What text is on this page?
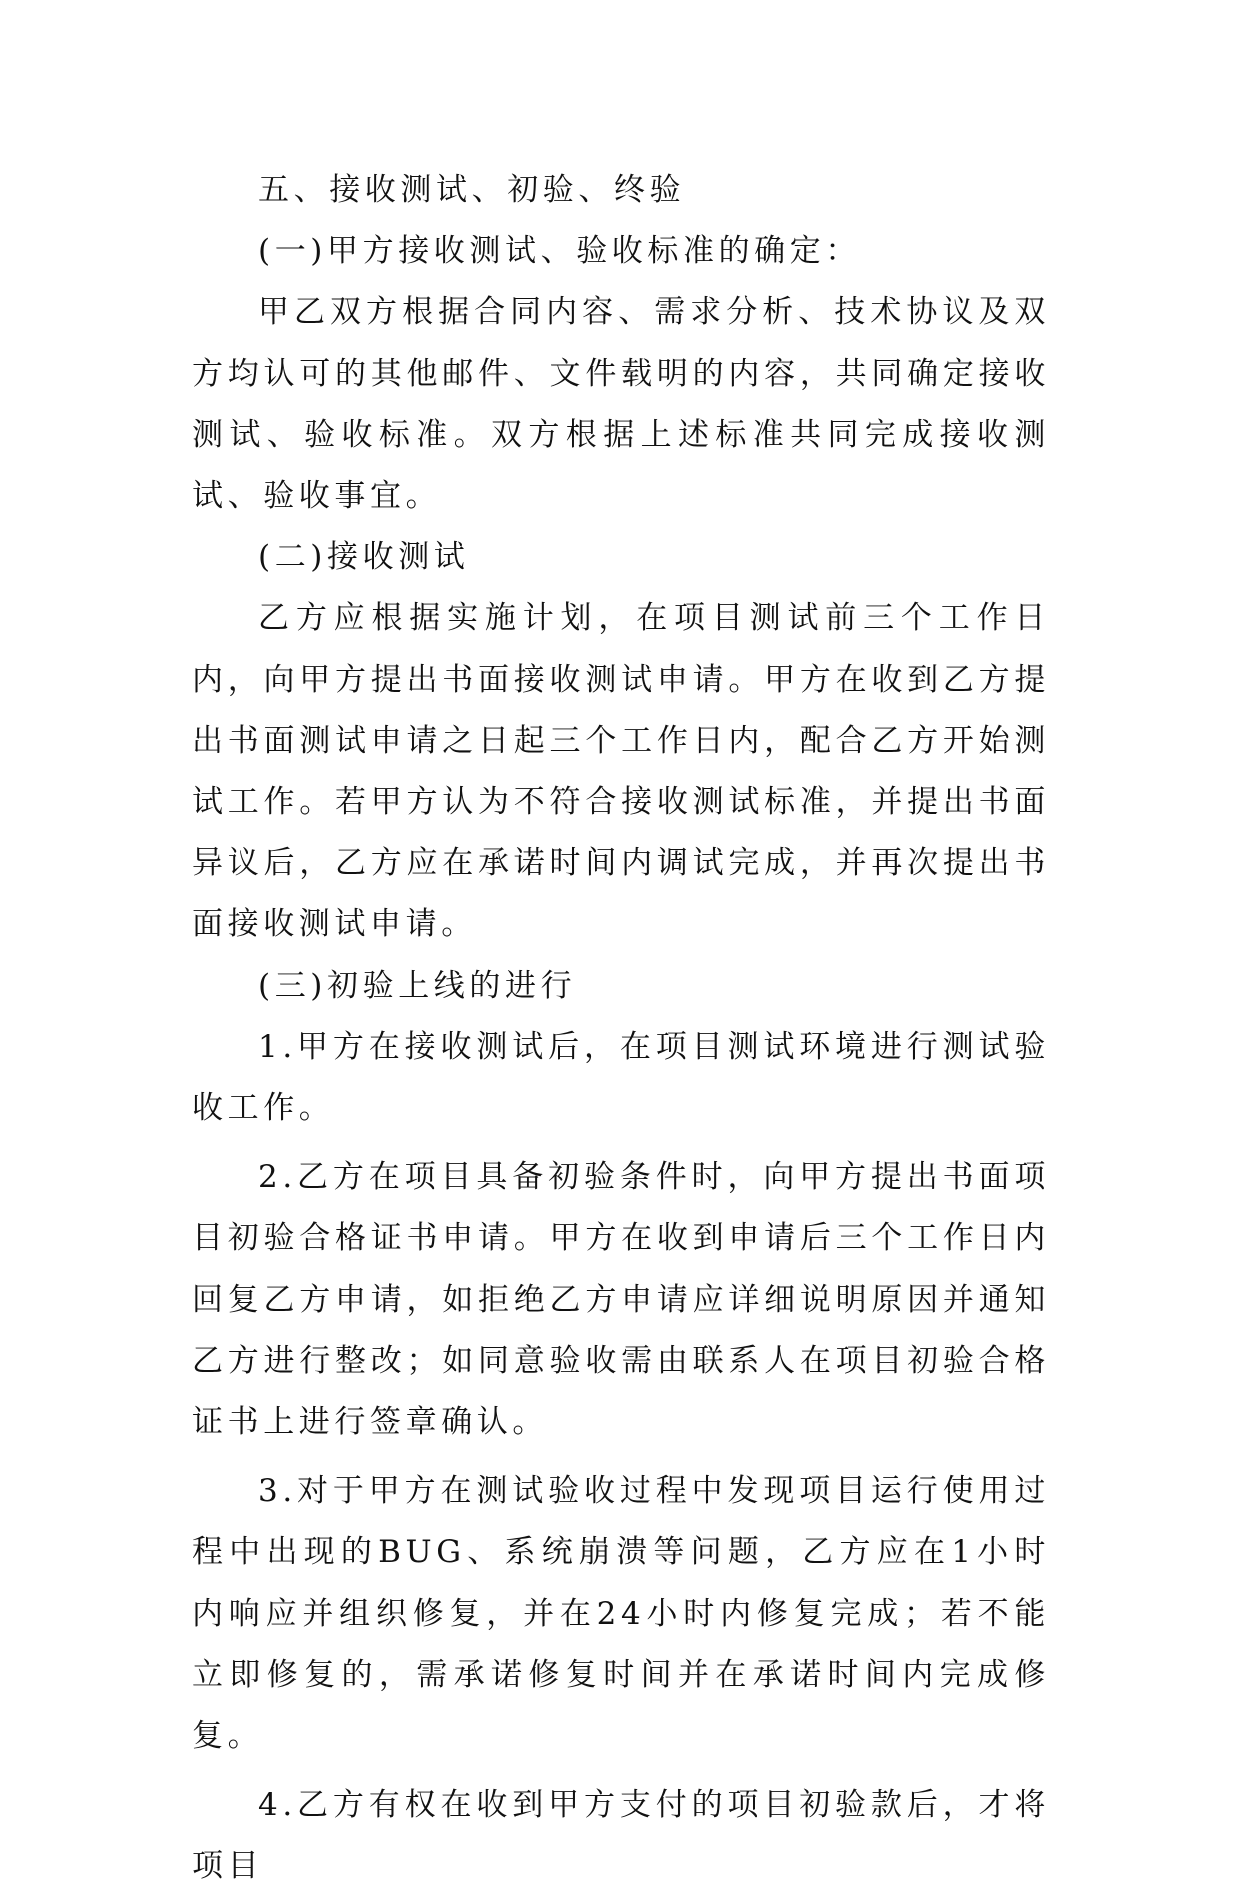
五、接收测试、初验、终验

(一)甲方接收测试、验收标准的确定：

甲乙双方根据合同内容、需求分析、技术协议及双方均认可的其他邮件、文件载明的内容，共同确定接收测试、验收标准。双方根据上述标准共同完成接收测试、验收事宜。

(二)接收测试

乙方应根据实施计划，在项目测试前三个工作日内，向甲方提出书面接收测试申请。甲方在收到乙方提出书面测试申请之日起三个工作日内，配合乙方开始测试工作。若甲方认为不符合接收测试标准，并提出书面异议后，乙方应在承诺时间内调试完成，并再次提出书面接收测试申请。

(三)初验上线的进行

1.甲方在接收测试后，在项目测试环境进行测试验收工作。

2.乙方在项目具备初验条件时，向甲方提出书面项目初验合格证书申请。甲方在收到申请后三个工作日内回复乙方申请，如拒绝乙方申请应详细说明原因并通知乙方进行整改；如同意验收需由联系人在项目初验合格证书上进行签章确认。

3.对于甲方在测试验收过程中发现项目运行使用过程中出现的BUG、系统崩溃等问题，乙方应在1小时内响应并组织修复，并在24小时内修复完成；若不能立即修复的，需承诺修复时间并在承诺时间内完成修复。

4.乙方有权在收到甲方支付的项目初验款后，才将项目
